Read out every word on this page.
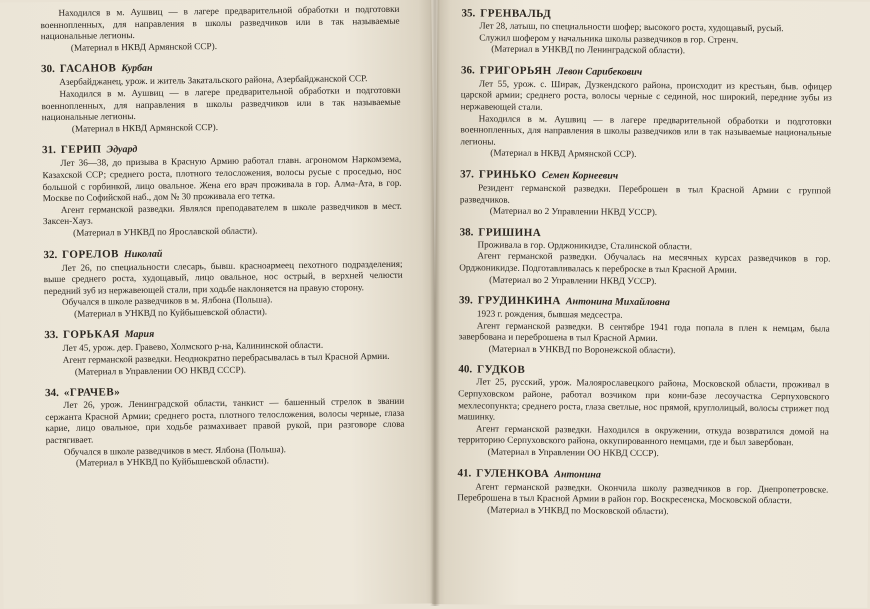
Находился в м. Аушвиц — в лагере предварительной обработки и подготовки военнопленных, для направления в школы разведчиков или в так называемые национальные легионы.

(Материал в НКВД Армянской ССР).

30. ГАСАНОВ Курбан

Азербайджанец, урож. и житель Закатальского района, Азербайджанской ССР.

Находился в м. Аушвиц — в лагере предварительной обработки и подготовки военнопленных, для направления в школы разведчиков или в так называемые национальные легионы.

(Материал в НКВД Армянской ССР).

31. ГЕРИП Эдуард

Лет 36—38, до призыва в Красную Армию работал главн. агрономом Наркомзема, Казахской ССР; среднего роста, плотного телосложения, волосы русые с проседью, нос большой с горбинкой, лицо овальное. Жена его врач проживала в гор. Алма-Ата, в гор. Москве по Софийской наб., дом № 30 проживала его тетка.

Агент германской разведки. Являлся преподавателем в школе разведчиков в мест. Заксен-Хауз.

(Материал в УНКВД по Ярославской области).

32. ГОРЕЛОВ Николай

Лет 26, по специальности слесарь, бывш. красноармеец пехотного подразделения; выше среднего роста, худощавый, лицо овальное, нос острый, в верхней челюсти передний зуб из нержавеющей стали, при ходьбе наклоняется на правую сторону.

Обучался в школе разведчиков в м. Ялбона (Польша).

(Материал в УНКВД по Куйбышевской области).

33. ГОРЬКАЯ Мария

Лет 45, урож. дер. Гравево, Холмского р-на, Калининской области.

Агент германской разведки. Неоднократно перебрасывалась в тыл Красной Армии.

(Материал в Управлении ОО НКВД СССР).

34. «ГРАЧЕВ»

Лет 26, урож. Ленинградской области, танкист — башенный стрелок в звании сержанта Красной Армии; среднего роста, плотного телосложения, волосы черные, глаза карие, лицо овальное, при ходьбе размахивает правой рукой, при разговоре слова растягивает.

Обучался в школе разведчиков в мест. Ялбона (Польша).

(Материал в УНКВД по Куйбышевской области).

35. ГРЕНВАЛЬД

Лет 28, латыш, по специальности шофер; высокого роста, худощавый, русый.

Служил шофером у начальника школы разведчиков в гор. Стренч.

(Материал в УНКВД по Ленинградской области).

36. ГРИГОРЬЯН Левон Сарибекович

Лет 55, урож. с. Ширак, Дузкендского района, происходит из крестьян, быв. офицер царской армии; среднего роста, волосы черные с сединой, нос широкий, передние зубы из нержавеющей стали.

Находился в м. Аушвиц — в лагере предварительной обработки и подготовки военнопленных, для направления в школы разведчиков или в так называемые национальные легионы.

(Материал в НКВД Армянской ССР).

37. ГРИНЬКО Семен Корнеевич

Резидент германской разведки. Переброшен в тыл Красной Армии с группой разведчиков.

(Материал во 2 Управлении НКВД УССР).

38. ГРИШИНА

Проживала в гор. Орджоникидзе, Сталинской области.

Агент германской разведки. Обучалась на месячных курсах разведчиков в гор. Орджоникидзе. Подготавливалась к переброске в тыл Красной Армии.

(Материал во 2 Управлении НКВД УССР).

39. ГРУДИНКИНА Антонина Михайловна

1923 г. рождения, бывшая медсестра.

Агент германской разведки. В сентябре 1941 года попала в плен к немцам, была завербована и переброшена в тыл Красной Армии.

(Материал в УНКВД по Воронежской области).

40. ГУДКОВ

Лет 25, русский, урож. Малоярославецкого района, Московской области, проживал в Серпуховском районе, работал возчиком при кони-базе лесоучастка Серпуховского мехлесопункта; среднего роста, глаза светлые, нос прямой, круглолицый, волосы стрижет под машинку.

Агент германской разведки. Находился в окружении, откуда возвратился домой на территорию Серпуховского района, оккупированного немцами, где и был завербован.

(Материал в Управлении ОО НКВД СССР).

41. ГУЛЕНКОВА Антонина

Агент германской разведки. Окончила школу разведчиков в гор. Днепропетровске. Переброшена в тыл Красной Армии в район гор. Воскресенска, Московской области.

(Материал в УНКВД по Московской области).
